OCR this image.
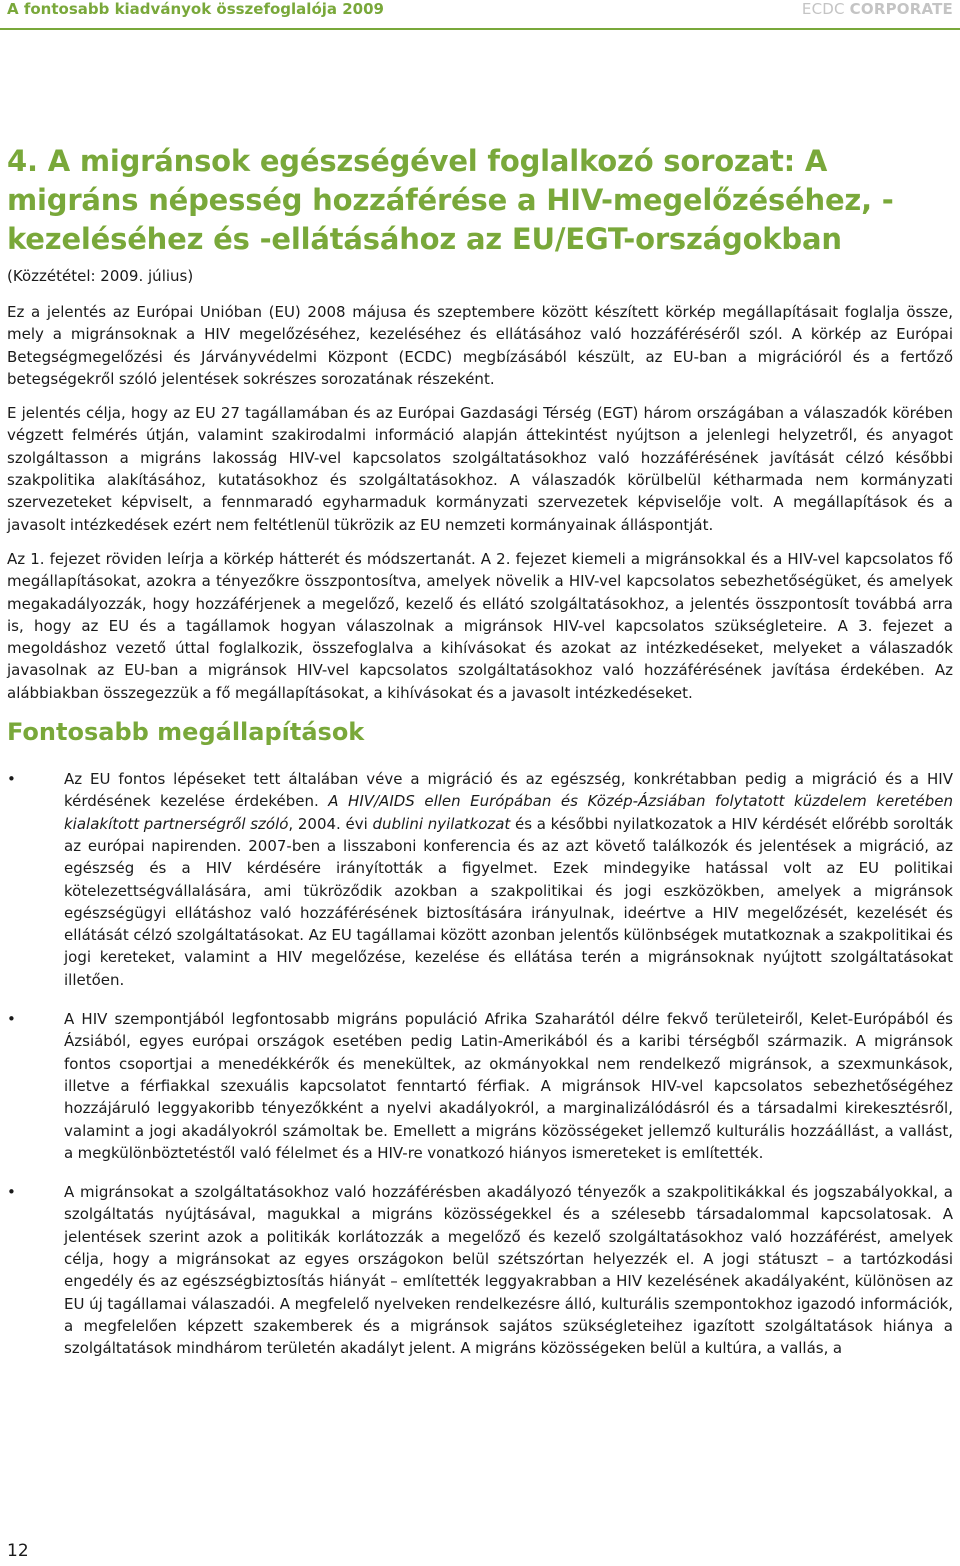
A fontosabb kiadványok összefoglalója 2009	ECDC CORPORATE
4. A migránsok egészségével foglalkozó sorozat: A migráns népesség hozzáférése a HIV-megelőzéséhez, -kezeléséhez és -ellátásához az EU/EGT-országokban
(Közzététel: 2009. július)

Ez a jelentés az Európai Unióban (EU) 2008 májusa és szeptembere között készített körkép megállapításait foglalja össze, mely a migránsoknak a HIV megelőzéséhez, kezeléséhez és ellátásához való hozzáféréséről szól. A körkép az Európai Betegségmegelőzési és Járványvédelmi Központ (ECDC) megbízásából készült, az EU-ban a migrációról és a fertőző betegségekről szóló jelentések sokrészes sorozatának részeként.

E jelentés célja, hogy az EU 27 tagállamában és az Európai Gazdasági Térség (EGT) három országában a válaszadók körében végzett felmérés útján, valamint szakirodalmi információ alapján áttekintést nyújtson a jelenlegi helyzetről, és anyagot szolgáltasson a migráns lakosság HIV-vel kapcsolatos szolgáltatásokhoz való hozzáférésének javítását célzó későbbi szakpolitika alakításához, kutatásokhoz és szolgáltatásokhoz. A válaszadók körülbelül kétharmada nem kormányzati szervezeteket képviselt, a fennmaradó egyharmaduk kormányzati szervezetek képviselője volt. A megállapítások és a javasolt intézkedések ezért nem feltétlenül tükrözik az EU nemzeti kormányainak álláspontját.

Az 1. fejezet röviden leírja a körkép hátterét és módszertanát. A 2. fejezet kiemeli a migránsokkal és a HIV-vel kapcsolatos fő megállapításokat, azokra a tényezőkre összpontosítva, amelyek növelik a HIV-vel kapcsolatos sebezhetőségüket, és amelyek megakadályozzák, hogy hozzáférjenek a megelőző, kezelő és ellátó szolgáltatásokhoz, a jelentés összpontosít továbbá arra is, hogy az EU és a tagállamok hogyan válaszolnak a migránsok HIV-vel kapcsolatos szükségleteire. A 3. fejezet a megoldáshoz vezető úttal foglalkozik, összefoglalva a kihívásokat és azokat az intézkedéseket, melyeket a válaszadók javasolnak az EU-ban a migránsok HIV-vel kapcsolatos szolgáltatásokhoz való hozzáférésének javítása érdekében. Az alábbiakban összegezzük a fő megállapításokat, a kihívásokat és a javasolt intézkedéseket.

Fontosabb megállapítások
•	Az EU fontos lépéseket tett általában véve a migráció és az egészség, konkrétabban pedig a migráció és a HIV kérdésének kezelése érdekében. A HIV/AIDS ellen Európában és Közép-Ázsiában folytatott küzdelem keretében kialakított partnerségről szóló, 2004. évi dublini nyilatkozat és a későbbi nyilatkozatok a HIV kérdését előrébb sorolták az európai napirenden. 2007-ben a lisszaboni konferencia és az azt követő találkozók és jelentések a migráció, az egészség és a HIV kérdésére irányították a figyelmet. Ezek mindegyike hatással volt az EU politikai kötelezettségvállalására, ami tükröződik azokban a szakpolitikai és jogi eszközökben, amelyek a migránsok egészségügyi ellátáshoz való hozzáférésének biztosítására irányulnak, ideértve a HIV megelőzését, kezelését és ellátását célzó szolgáltatásokat. Az EU tagállamai között azonban jelentős különbségek mutatkoznak a szakpolitikai és jogi kereteket, valamint a HIV megelőzése, kezelése és ellátása terén a migránsoknak nyújtott szolgáltatásokat illetően.
•	A HIV szempontjából legfontosabb migráns populáció Afrika Szaharától délre fekvő területeiről, Kelet-Európából és Ázsiából, egyes európai országok esetében pedig Latin-Amerikából és a karibi térségből származik. A migránsok fontos csoportjai a menedékkérők és menekültek, az okmányokkal nem rendelkező migránsok, a szexmunkások, illetve a férfiakkal szexuális kapcsolatot fenntartó férfiak. A migránsok HIV-vel kapcsolatos sebezhetőségéhez hozzájáruló leggyakoribb tényezőkként a nyelvi akadályokról, a marginalizálódásról és a társadalmi kirekesztésről, valamint a jogi akadályokról számoltak be. Emellett a migráns közösségeket jellemző kulturális hozzáállást, a vallást, a megkülönböztetéstől való félelmet és a HIV-re vonatkozó hiányos ismereteket is említették.
•	A migránsokat a szolgáltatásokhoz való hozzáférésben akadályozó tényezők a szakpolitikákkal és jogszabályokkal, a szolgáltatás nyújtásával, magukkal a migráns közösségekkel és a szélesebb társadalommal kapcsolatosak. A jelentések szerint azok a politikák korlátozzák a megelőző és kezelő szolgáltatásokhoz való hozzáférést, amelyek célja, hogy a migránsokat az egyes országokon belül szétszórtan helyezzék el. A jogi státuszt – a tartózkodási engedély és az egészségbiztosítás hiányát – említették leggyakrabban a HIV kezelésének akadályaként, különösen az EU új tagállamai válaszadói. A megfelelő nyelveken rendelkezésre álló, kulturális szempontokhoz igazodó információk, a megfelelően képzett szakemberek és a migránsok sajátos szükségleteihez igazított szolgáltatások hiánya a szolgáltatások mindhárom területén akadályt jelent. A migráns közösségeken belül a kultúra, a vallás, a
12
